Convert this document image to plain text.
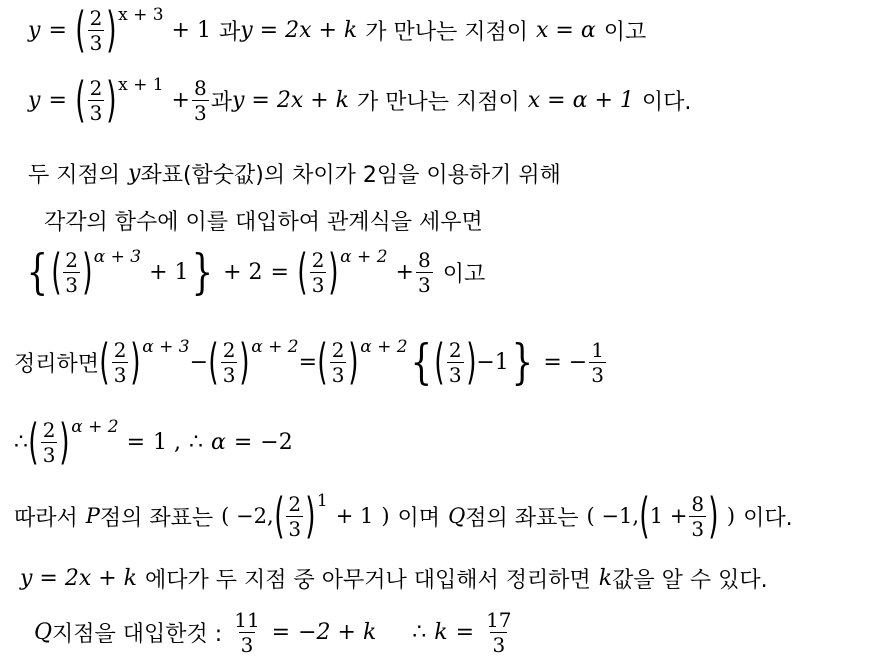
y = ( $\frac{2}{3}$ ) x + 3
+ 1 과 y = 2x + k 가 만나는 지점이 x = α 이고
y = ( $\frac{2}{3}$ ) x + 1
+ $\frac{8}{3}$ 과 y = 2x + k 가 만나는 지점이 x = α + 1 이다.
두 지점의 y 좌표(함숫값)의 차이가 2임을 이용하기 위해
각각의 함수에 이를 대입하여 관계식을 세우면
{ ( $\frac{2}{3}$ ) α + 3
+ 1 } + 2 = ( $\frac{2}{3}$ ) α + 2
+ $\frac{8}{3}$ 이고
정리하면 ( $\frac{2}{3}$ ) α + 3
− ( $\frac{2}{3}$ ) α + 2
= ( $\frac{2}{3}$ ) α + 2 { ( $\frac{2}{3}$ ) −1 } = − $\frac{1}{3}$
∴ ( $\frac{2}{3}$ ) α + 2
= 1 , ∴ α = −2
따라서 P 점의 좌표는 ( −2, ( $\frac{2}{3}$ ) 1
+ 1 ) 이며 Q 점의 좌표는 ( −1, ( $1 + \frac{8}{3}$ ) ) 이다.
y = 2x + k 에다가 두 지점 중 아무거나 대입해서 정리하면 k 값을 알 수 있다.
Q 지점을 대입한것 : $\frac{11}{3} = -2 + k$ ∴ $k = \frac{17}{3}$
